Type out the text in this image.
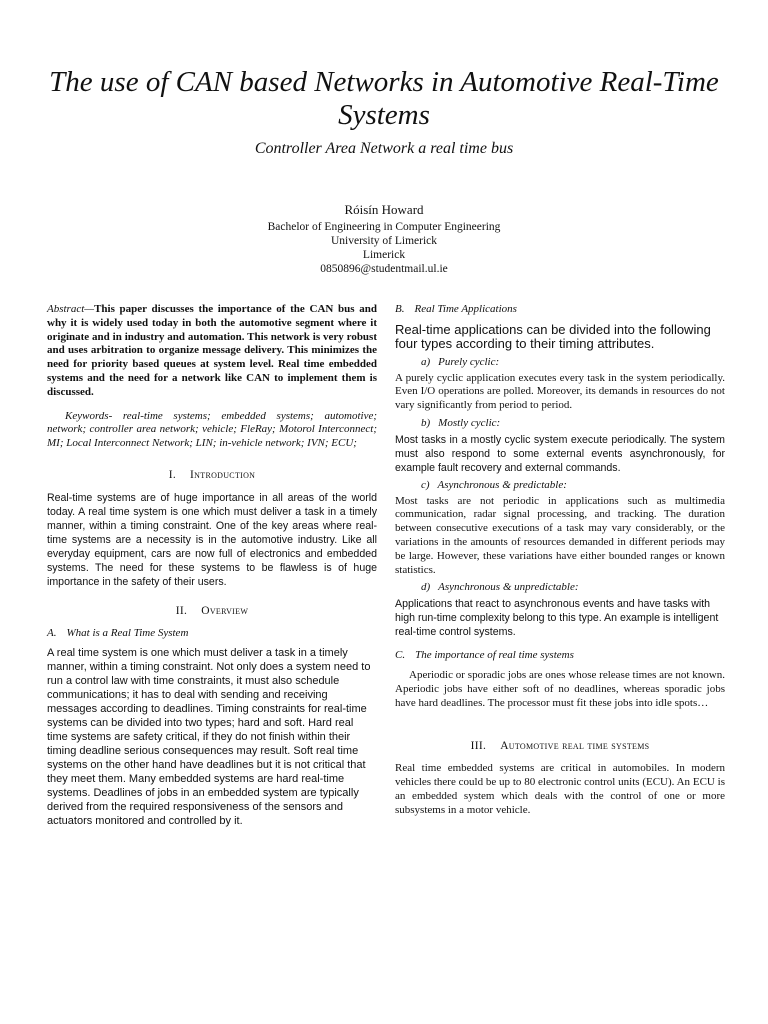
The use of CAN based Networks in Automotive Real-Time Systems
Controller Area Network a real time bus
Róisín Howard
Bachelor of Engineering in Computer Engineering
University of Limerick
Limerick
0850896@studentmail.ul.ie

Abstract—This paper discusses the importance of the CAN bus and why it is widely used today in both the automotive segment where it originate and in industry and automation. This network is very robust and uses arbitration to organize message delivery. This minimizes the need for priority based queues at system level. Real time embedded systems and the need for a network like CAN to implement them is discussed.

Keywords- real-time systems; embedded systems; automotive; network; controller area network; vehicle; FleRay; Motorol Interconnect; MI; Local Interconnect Network; LIN; in-vehicle network; IVN; ECU;

I. Introduction

Real-time systems are of huge importance in all areas of the world today. A real time system is one which must deliver a task in a timely manner, within a timing constraint. One of the key areas where real-time systems are a necessity is in the automotive industry. Like all everyday equipment, cars are now full of electronics and embedded systems. The need for these systems to be flawless is of huge importance in the safety of their users.

II. Overview
A. What is a Real Time System

A real time system is one which must deliver a task in a timely manner, within a timing constraint. Not only does a system need to run a control law with time constraints, it must also schedule communications; it has to deal with sending and receiving messages according to deadlines. Timing constraints for real-time systems can be divided into two types; hard and soft. Hard real time systems are safety critical, if they do not finish within their timing deadline serious consequences may result. Soft real time systems on the other hand have deadlines but it is not critical that they meet them. Many embedded systems are hard real-time systems. Deadlines of jobs in an embedded system are typically derived from the required responsiveness of the sensors and actuators monitored and controlled by it.

B. Real Time Applications

Real-time applications can be divided into the following four types according to their timing attributes.

a) Purely cyclic:

A purely cyclic application executes every task in the system periodically. Even I/O operations are polled. Moreover, its demands in resources do not vary significantly from period to period.

b) Mostly cyclic:

Most tasks in a mostly cyclic system execute periodically. The system must also respond to some external events asynchronously, for example fault recovery and external commands.

c) Asynchronous & predictable:

Most tasks are not periodic in applications such as multimedia communication, radar signal processing, and tracking. The duration between consecutive executions of a task may vary considerably, or the variations in the amounts of resources demanded in different periods may be large. However, these variations have either bounded ranges or known statistics.

d) Asynchronous & unpredictable:

Applications that react to asynchronous events and have tasks with high run-time complexity belong to this type. An example is intelligent real-time control systems.

C. The importance of real time systems

Aperiodic or sporadic jobs are ones whose release times are not known. Aperiodic jobs have either soft of no deadlines, whereas sporadic jobs have hard deadlines. The processor must fit these jobs into idle spots…

III. Automotive real time systems

Real time embedded systems are critical in automobiles. In modern vehicles there could be up to 80 electronic control units (ECU). An ECU is an embedded system which deals with the control of one or more subsystems in a motor vehicle.
